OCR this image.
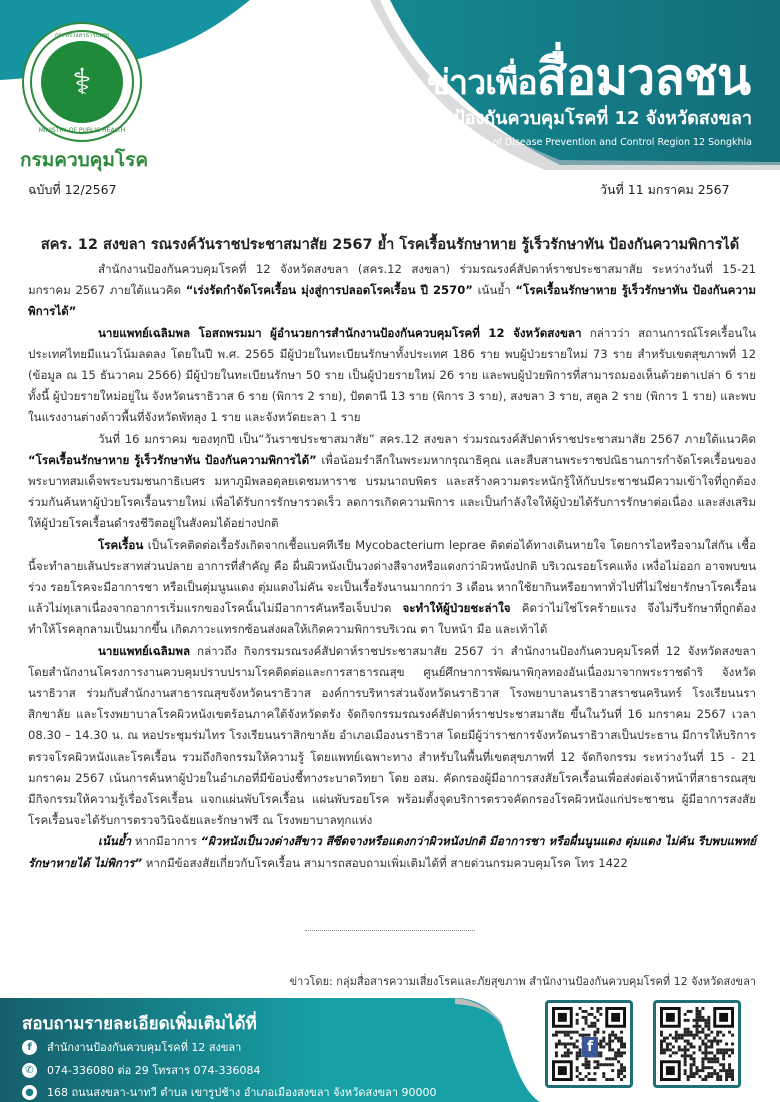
กระทรวงสาธารณสุข
⚕
MINISTRY OF PUBLIC HEALTH
กรมควบคุมโรค
ข่าวเพื่อสื่อมวลชน
สำนักงานป้องกันควบคุมโรคที่ 12 จังหวัดสงขลา
The Office of Disease Prevention and Control Region 12 Songkhla
ฉบับที่ 12/2567	วันที่ 11 มกราคม 2567
สคร. 12 สงขลา รณรงค์วันราชประชาสมาสัย 2567 ย้ำ โรคเรื้อนรักษาหาย รู้เร็วรักษาทัน ป้องกันความพิการได้

สำนักงานป้องกันควบคุมโรคที่ 12 จังหวัดสงขลา (สคร.12 สงขลา) ร่วมรณรงค์สัปดาห์ราชประชาสมาสัย ระหว่างวันที่ 15-21 มกราคม 2567 ภายใต้แนวคิด “เร่งรัดกำจัดโรคเรื้อน มุ่งสู่การปลอดโรคเรื้อน ปี 2570” เน้นย้ำ “โรคเรื้อนรักษาหาย รู้เร็วรักษาทัน ป้องกันความพิการได้”

นายแพทย์เฉลิมพล โอสถพรมมา ผู้อำนวยการสำนักงานป้องกันควบคุมโรคที่ 12 จังหวัดสงขลา กล่าวว่า สถานการณ์โรคเรื้อนในประเทศไทยมีแนวโน้มลดลง โดยในปี พ.ศ. 2565 มีผู้ป่วยในทะเบียนรักษาทั้งประเทศ 186 ราย พบผู้ป่วยรายใหม่ 73 ราย สำหรับเขตสุขภาพที่ 12 (ข้อมูล ณ 15 ธันวาคม 2566) มีผู้ป่วยในทะเบียนรักษา 50 ราย เป็นผู้ป่วยรายใหม่ 26 ราย และพบผู้ป่วยพิการที่สามารถมองเห็นด้วยตาเปล่า 6 ราย ทั้งนี้ ผู้ป่วยรายใหม่อยู่ใน จังหวัดนราธิวาส 6 ราย (พิการ 2 ราย), ปัตตานี 13 ราย (พิการ 3 ราย), สงขลา 3 ราย, สตูล 2 ราย (พิการ 1 ราย) และพบในแรงงานต่างด้าวพื้นที่จังหวัดพัทลุง 1 ราย และจังหวัดยะลา 1 ราย

วันที่ 16 มกราคม ของทุกปี เป็น“วันราชประชาสมาสัย” สคร.12 สงขลา ร่วมรณรงค์สัปดาห์ราชประชาสมาสัย 2567 ภายใต้แนวคิด “โรคเรื้อนรักษาหาย รู้เร็วรักษาทัน ป้องกันความพิการได้” เพื่อน้อมรำลึกในพระมหากรุณาธิคุณ และสืบสานพระราชปณิธานการกำจัดโรคเรื้อนของพระบาทสมเด็จพระบรมชนกาธิเบศร มหาภูมิพลอดุลยเดชมหาราช บรมนาถบพิตร และสร้างความตระหนักรู้ให้กับประชาชนมีความเข้าใจที่ถูกต้อง ร่วมกันค้นหาผู้ป่วยโรคเรื้อนรายใหม่ เพื่อได้รับการรักษารวดเร็ว ลดการเกิดความพิการ และเป็นกำลังใจให้ผู้ป่วยได้รับการรักษาต่อเนื่อง และส่งเสริมให้ผู้ป่วยโรคเรื้อนดำรงชีวิตอยู่ในสังคมได้อย่างปกติ

โรคเรื้อน เป็นโรคติดต่อเรื้อรังเกิดจากเชื้อแบคทีเรีย Mycobacterium leprae ติดต่อได้ทางเดินหายใจ โดยการไอหรือจามใส่กัน เชื้อนี้จะทำลายเส้นประสาทส่วนปลาย อาการที่สำคัญ คือ ผื่นผิวหนังเป็นวงด่างสีจางหรือแดงกว่าผิวหนังปกติ บริเวณรอยโรคแห้ง เหงื่อไม่ออก อาจพบขนร่วง รอยโรคจะมีอาการชา หรือเป็นตุ่มนูนแดง ตุ่มแดงไม่คัน จะเป็นเรื้อรังนานมากกว่า 3 เดือน หากใช้ยากินหรือยาทาทั่วไปที่ไม่ใช่ยารักษาโรคเรื้อนแล้วไม่ทุเลาเนื่องจากอาการเริ่มแรกของโรคนั้นไม่มีอาการคันหรือเจ็บปวด จะทำให้ผู้ป่วยชะล่าใจ คิดว่าไม่ใช่โรคร้ายแรง จึงไม่รีบรักษาที่ถูกต้อง ทำให้โรคลุกลามเป็นมากขึ้น เกิดภาวะแทรกซ้อนส่งผลให้เกิดความพิการบริเวณ ตา ใบหน้า มือ และเท้าได้

นายแพทย์เฉลิมพล กล่าวถึง กิจกรรมรณรงค์สัปดาห์ราชประชาสมาสัย 2567 ว่า สำนักงานป้องกันควบคุมโรคที่ 12 จังหวัดสงขลา โดยสำนักงานโครงการงานควบคุมปราบปรามโรคติดต่อและการสาธารณสุข ศูนย์ศึกษาการพัฒนาพิกุลทองอันเนื่องมาจากพระราชดำริ จังหวัดนราธิวาส ร่วมกับสำนักงานสาธารณสุขจังหวัดนราธิวาส องค์การบริหารส่วนจังหวัดนราธิวาส โรงพยาบาลนราธิวาสราชนครินทร์ โรงเรียนนราสิกขาลัย และโรงพยาบาลโรคผิวหนังเขตร้อนภาคใต้จังหวัดตรัง จัดกิจกรรมรณรงค์สัปดาห์ราชประชาสมาสัย ขึ้นในวันที่ 16 มกราคม 2567 เวลา 08.30 – 14.30 น. ณ หอประชุมร่มไทร โรงเรียนนราสิกขาลัย อำเภอเมืองนราธิวาส โดยมีผู้ว่าราชการจังหวัดนราธิวาสเป็นประธาน มีการให้บริการตรวจโรคผิวหนังและโรคเรื้อน รวมถึงกิจกรรมให้ความรู้ โดยแพทย์เฉพาะทาง สำหรับในพื้นที่เขตสุขภาพที่ 12 จัดกิจกรรม ระหว่างวันที่ 15 - 21 มกราคม 2567 เน้นการค้นหาผู้ป่วยในอำเภอที่มีข้อบ่งชี้ทางระบาดวิทยา โดย อสม. คัดกรองผู้มีอาการสงสัยโรคเรื้อนเพื่อส่งต่อเจ้าหน้าที่สาธารณสุข มีกิจกรรมให้ความรู้เรื่องโรคเรื้อน แจกแผ่นพับโรคเรื้อน แผ่นพับรอยโรค พร้อมตั้งจุดบริการตรวจคัดกรองโรคผิวหนังแก่ประชาชน ผู้มีอาการสงสัยโรคเรื้อนจะได้รับการตรวจวินิจฉัยและรักษาฟรี ณ โรงพยาบาลทุกแห่ง

เน้นย้ำ หากมีอาการ “ผิวหนังเป็นวงด่างสีขาว สีซีดจางหรือแดงกว่าผิวหนังปกติ มีอาการชา หรือผื่นนูนแดง ตุ่มแดง ไม่คัน รีบพบแพทย์ รักษาหายได้ ไม่พิการ” หากมีข้อสงสัยเกี่ยวกับโรคเรื้อน สามารถสอบถามเพิ่มเติมได้ที่ สายด่วนกรมควบคุมโรค โทร 1422

ข่าวโดย: กลุ่มสื่อสารความเสี่ยงโรคและภัยสุขภาพ สำนักงานป้องกันควบคุมโรคที่ 12 จังหวัดสงขลา
สอบถามรายละเอียดเพิ่มเติมได้ที่
f	สำนักงานป้องกันควบคุมโรคที่ 12 สงขลา
✆	074-336080 ต่อ 29 โทรสาร 074-336084
● 168 ถนนสงขลา-นาทวี ตำบล เขารูปช้าง อำเภอเมืองสงขลา จังหวัดสงขลา 90000
f
